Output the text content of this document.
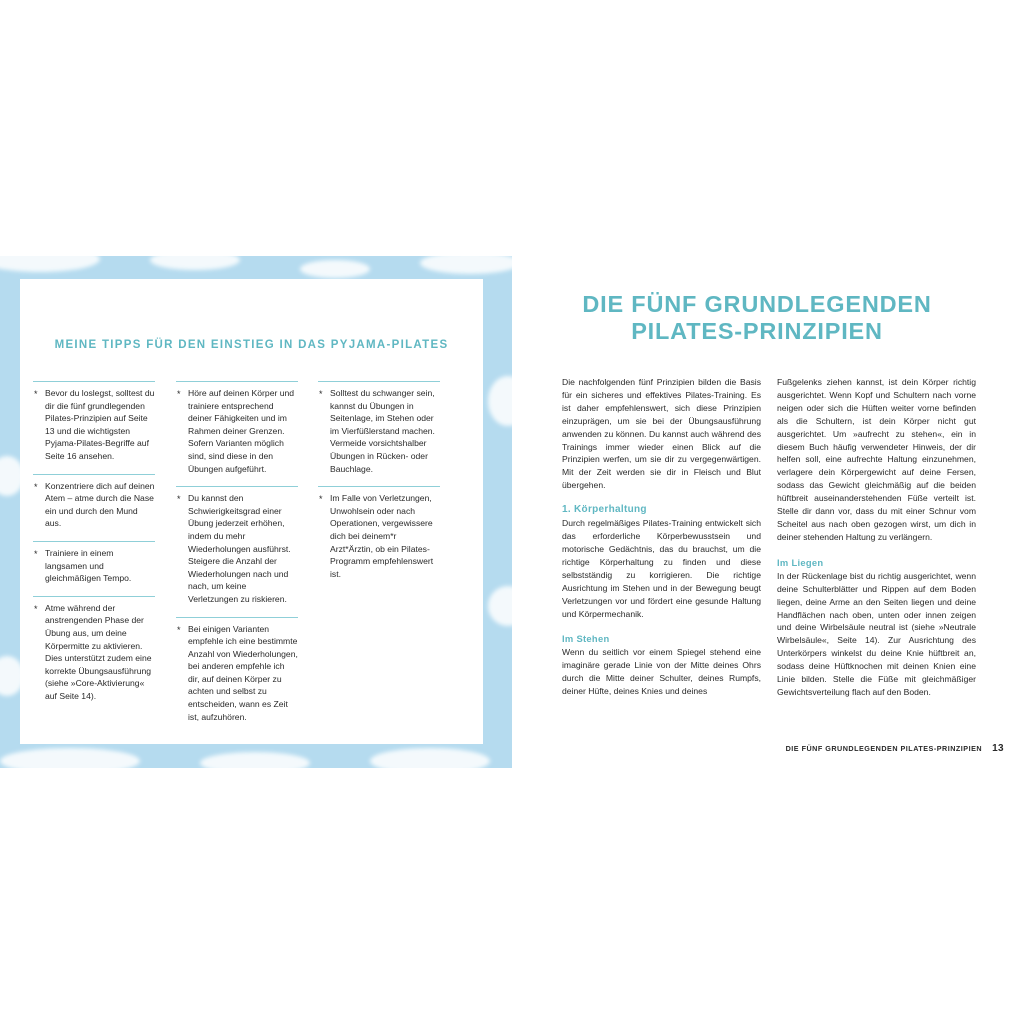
MEINE TIPPS FÜR DEN EINSTIEG IN DAS PYJAMA-PILATES
* Bevor du loslegst, solltest du dir die fünf grundlegenden Pilates-Prinzipien auf Seite 13 und die wichtigsten Pyjama-Pilates-Begriffe auf Seite 16 ansehen.
* Konzentriere dich auf deinen Atem – atme durch die Nase ein und durch den Mund aus.
* Trainiere in einem langsamen und gleichmäßigen Tempo.
* Atme während der anstrengenden Phase der Übung aus, um deine Körpermitte zu aktivieren. Dies unterstützt zudem eine korrekte Übungsausführung (siehe »Core-Aktivierung« auf Seite 14).
* Höre auf deinen Körper und trainiere entsprechend deiner Fähigkeiten und im Rahmen deiner Grenzen. Sofern Varianten möglich sind, sind diese in den Übungen aufgeführt.
* Du kannst den Schwierigkeitsgrad einer Übung jederzeit erhöhen, indem du mehr Wiederholungen ausführst. Steigere die Anzahl der Wiederholungen nach und nach, um keine Verletzungen zu riskieren.
* Bei einigen Varianten empfehle ich eine bestimmte Anzahl von Wiederholungen, bei anderen empfehle ich dir, auf deinen Körper zu achten und selbst zu entscheiden, wann es Zeit ist, aufzuhören.
* Solltest du schwanger sein, kannst du Übungen in Seitenlage, im Stehen oder im Vierfüßlerstand machen. Vermeide vorsichtshalber Übungen in Rücken- oder Bauchlage.
* Im Falle von Verletzungen, Unwohlsein oder nach Operationen, vergewissere dich bei deinem*r Arzt*Ärztin, ob ein Pilates-Programm empfehlenswert ist.
DIE FÜNF GRUNDLEGENDEN
PILATES-PRINZIPIEN

Die nachfolgenden fünf Prinzipien bilden die Basis für ein sicheres und effektives Pilates-Training. Es ist daher empfehlenswert, sich diese Prinzipien einzuprägen, um sie bei der Übungsausführung anwenden zu können. Du kannst auch während des Trainings immer wieder einen Blick auf die Prinzipien werfen, um sie dir zu vergegenwärtigen. Mit der Zeit werden sie dir in Fleisch und Blut übergehen.

1. Körperhaltung

Durch regelmäßiges Pilates-Training entwickelt sich das erforderliche Körperbewusstsein und motorische Gedächtnis, das du brauchst, um die richtige Körperhaltung zu finden und diese selbstständig zu korrigieren. Die richtige Ausrichtung im Stehen und in der Bewegung beugt Verletzungen vor und fördert eine gesunde Haltung und Körpermechanik.

Im Stehen

Wenn du seitlich vor einem Spiegel stehend eine imaginäre gerade Linie von der Mitte deines Ohrs durch die Mitte deiner Schulter, deines Rumpfs, deiner Hüfte, deines Knies und deines

Fußgelenks ziehen kannst, ist dein Körper richtig ausgerichtet. Wenn Kopf und Schultern nach vorne neigen oder sich die Hüften weiter vorne befinden als die Schultern, ist dein Körper nicht gut ausgerichtet. Um »aufrecht zu stehen«, ein in diesem Buch häufig verwendeter Hinweis, der dir helfen soll, eine aufrechte Haltung einzunehmen, verlagere dein Körpergewicht auf deine Fersen, sodass das Gewicht gleichmäßig auf die beiden hüftbreit auseinanderstehenden Füße verteilt ist. Stelle dir dann vor, dass du mit einer Schnur vom Scheitel aus nach oben gezogen wirst, um dich in deiner stehenden Haltung zu verlängern.

Im Liegen

In der Rückenlage bist du richtig ausgerichtet, wenn deine Schulterblätter und Rippen auf dem Boden liegen, deine Arme an den Seiten liegen und deine Handflächen nach oben, unten oder innen zeigen und deine Wirbelsäule neutral ist (siehe »Neutrale Wirbelsäule«, Seite 14). Zur Ausrichtung des Unterkörpers winkelst du deine Knie hüftbreit an, sodass deine Hüftknochen mit deinen Knien eine Linie bilden. Stelle die Füße mit gleichmäßiger Gewichtsverteilung flach auf den Boden.

DIE FÜNF GRUNDLEGENDEN PILATES-PRINZIPIEN 13
